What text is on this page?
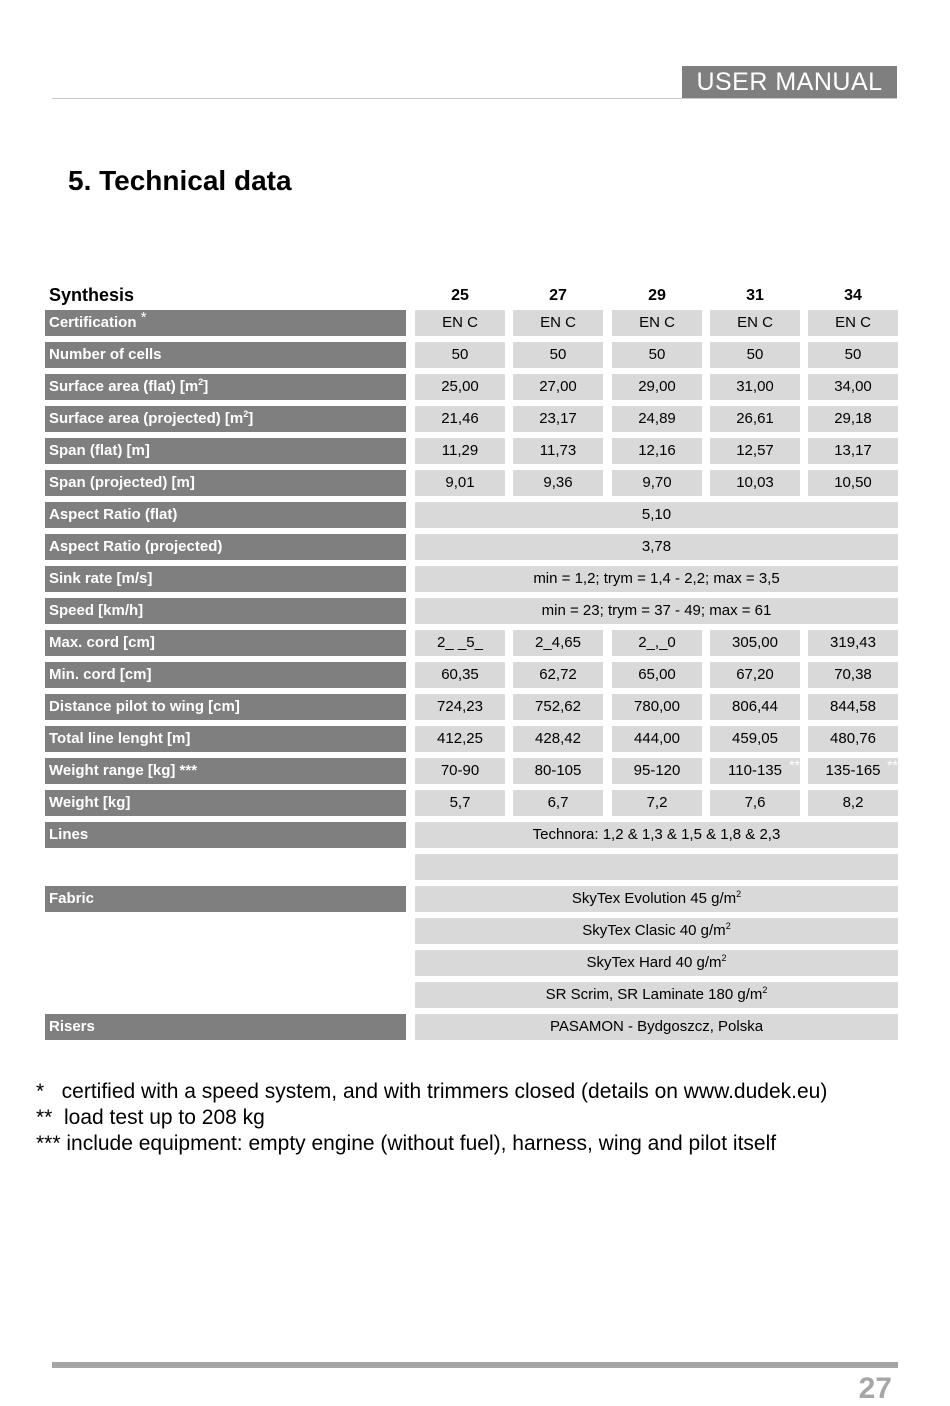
USER MANUAL
5. Technical data
Synthesis	25	27	29	31	34
Certification *	EN C	EN C	EN C	EN C	EN C
Number of cells	50	50	50	50	50
Surface area (flat) $[m^2]$	25,00	27,00	29,00	31,00	34,00
Surface area (projected) $[m^2]$	21,46	23,17	24,89	26,61	29,18
Span (flat) [m]	11,29	11,73	12,16	12,57	13,17
Span (projected) [m]	9,01	9,36	9,70	10,03	10,50
Aspect Ratio (flat)	5,10
Aspect Ratio (projected)	3,78
Sink rate [m/s]	min = 1,2; trym = 1,4 - 2,2; max = 3,5
Speed [km/h]	min = 23; trym = 37 - 49; max = 61
Max. cord [cm]	2_ _5_	2_4,65	2_,_0	305,00	319,43
Min. cord [cm]	60,35	62,72	65,00	67,20	70,38
Distance pilot to wing [cm]	724,23	752,62	780,00	806,44	844,58
Total line lenght [m]	412,25	428,42	444,00	459,05	480,76
Weight range [kg] ***	70-90	80-105	95-120	110-135 **	135-165 **
Weight [kg]	5,7	6,7	7,2	7,6	8,2
Lines	Technora: 1,2 & 1,3 & 1,5 & 1,8 & 2,3
Fabric	SkyTex Evolution 45 $g/m^2$
SkyTex Clasic 40 $g/m^2$
SkyTex Hard 40 $g/m^2$
SR Scrim, SR Laminate 180 $g/m^2$
Risers	PASAMON - Bydgoszcz, Polska
*   certified with a speed system, and with trimmers closed (details on www.dudek.eu)
**  load test up to 208 kg
*** include equipment: empty engine (without fuel), harness, wing and pilot itself
27
